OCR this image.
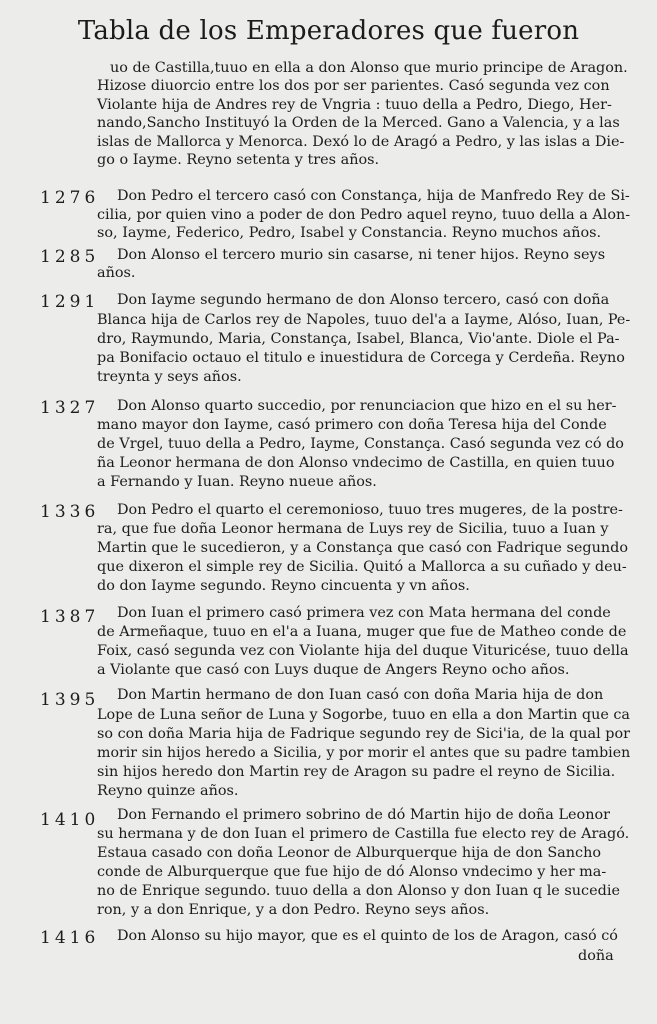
Tabla de los Emperadores que fueron
uo de Castilla,tuuo en ella a don Alonso que murio principe de Aragon.
Hizose diuorcio entre los dos por ser parientes. Casó segunda vez con
Violante hija de Andres rey de Vngria : tuuo della a Pedro, Diego, Her-
nando,Sancho Instituyó la Orden de la Merced. Gano a Valencia, y a las
islas de Mallorca y Menorca. Dexó lo de Aragó a Pedro, y las islas a Die-
go o Iayme. Reyno setenta y tres años.
1276 Don Pedro el tercero casó con Constança, hija de Manfredo Rey de Si-
cilia, por quien vino a poder de don Pedro aquel reyno, tuuo della a Alon-
so, Iayme, Federico, Pedro, Isabel y Constancia. Reyno muchos años.
1285 Don Alonso el tercero murio sin casarse, ni tener hijos. Reyno seys
años.
1291 Don Iayme segundo hermano de don Alonso tercero, casó con doña
Blanca hija de Carlos rey de Napoles, tuuo del'a a Iayme, Alóso, Iuan, Pe-
dro, Raymundo, Maria, Constança, Isabel, Blanca, Vio'ante. Diole el Pa-
pa Bonifacio octauo el titulo e inuestidura de Corcega y Cerdeña. Reyno
treynta y seys años.
1327 Don Alonso quarto succedio, por renunciacion que hizo en el su her-
mano mayor don Iayme, casó primero con doña Teresa hija del Conde
de Vrgel, tuuo della a Pedro, Iayme, Constança. Casó segunda vez có do
ña Leonor hermana de don Alonso vndecimo de Castilla, en quien tuuo
a Fernando y Iuan. Reyno nueue años.
1336 Don Pedro el quarto el ceremonioso, tuuo tres mugeres, de la postre-
ra, que fue doña Leonor hermana de Luys rey de Sicilia, tuuo a Iuan y
Martin que le sucedieron, y a Constança que casó con Fadrique segundo
que dixeron el simple rey de Sicilia. Quitó a Mallorca a su cuñado y deu-
do don Iayme segundo. Reyno cincuenta y vn años.
1387 Don Iuan el primero casó primera vez con Mata hermana del conde
de Armeñaque, tuuo en el'a a Iuana, muger que fue de Matheo conde de
Foix, casó segunda vez con Violante hija del duque Vituricése, tuuo della
a Violante que casó con Luys duque de Angers Reyno ocho años.
1395 Don Martin hermano de don Iuan casó con doña Maria hija de don
Lope de Luna señor de Luna y Sogorbe, tuuo en ella a don Martin que ca
so con doña Maria hija de Fadrique segundo rey de Sici'ia, de la qual por
morir sin hijos heredo a Sicilia, y por morir el antes que su padre tambien
sin hijos heredo don Martin rey de Aragon su padre el reyno de Sicilia.
Reyno quinze años.
1410 Don Fernando el primero sobrino de dó Martin hijo de doña Leonor
su hermana y de don Iuan el primero de Castilla fue electo rey de Aragó.
Estaua casado con doña Leonor de Alburquerque hija de don Sancho
conde de Alburquerque que fue hijo de dó Alonso vndecimo y her ma-
no de Enrique segundo. tuuo della a don Alonso y don Iuan q le sucedie
ron, y a don Enrique, y a don Pedro. Reyno seys años.
1416 Don Alonso su hijo mayor, que es el quinto de los de Aragon, casó có
doña
